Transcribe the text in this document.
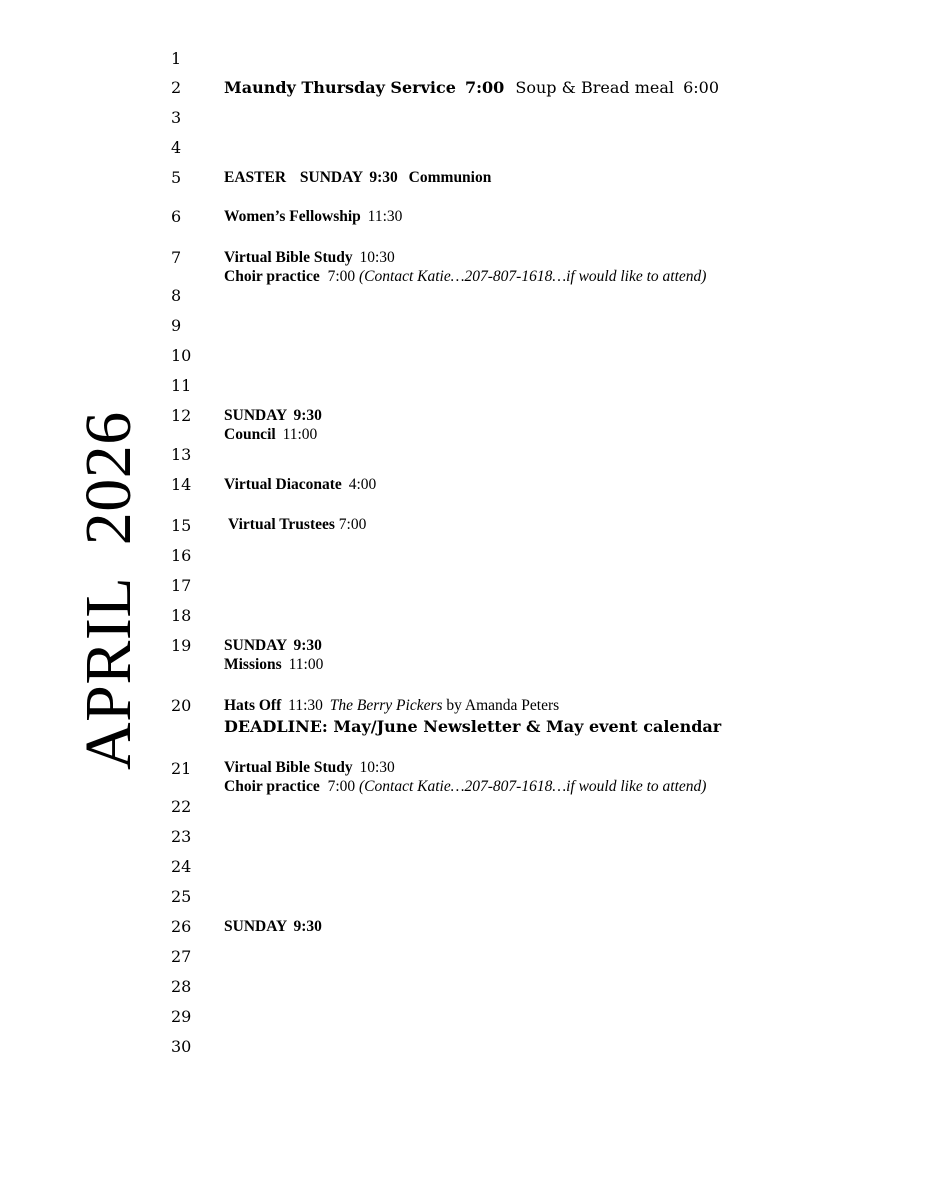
APRIL  2026
1
2
3
4
5
6
7
8
9
10
11
12
13
14
15
16
17
18
19
20
21
22
23
24
25
26
27
28
29
30
Maundy Thursday Service 7:00 Soup & Bread meal 6:00
EASTER SUNDAY 9:30 Communion
Women’s Fellowship 11:30
Virtual Bible Study 10:30
Choir practice 7:00 (Contact Katie…207-807-1618…if would like to attend)
SUNDAY 9:30
Council 11:00
Virtual Diaconate 4:00
Virtual Trustees 7:00
SUNDAY 9:30
Missions 11:00
Hats Off 11:30 The Berry Pickers by Amanda Peters
DEADLINE: May/June Newsletter & May event calendar
Virtual Bible Study 10:30
Choir practice 7:00 (Contact Katie…207-807-1618…if would like to attend)
SUNDAY 9:30
